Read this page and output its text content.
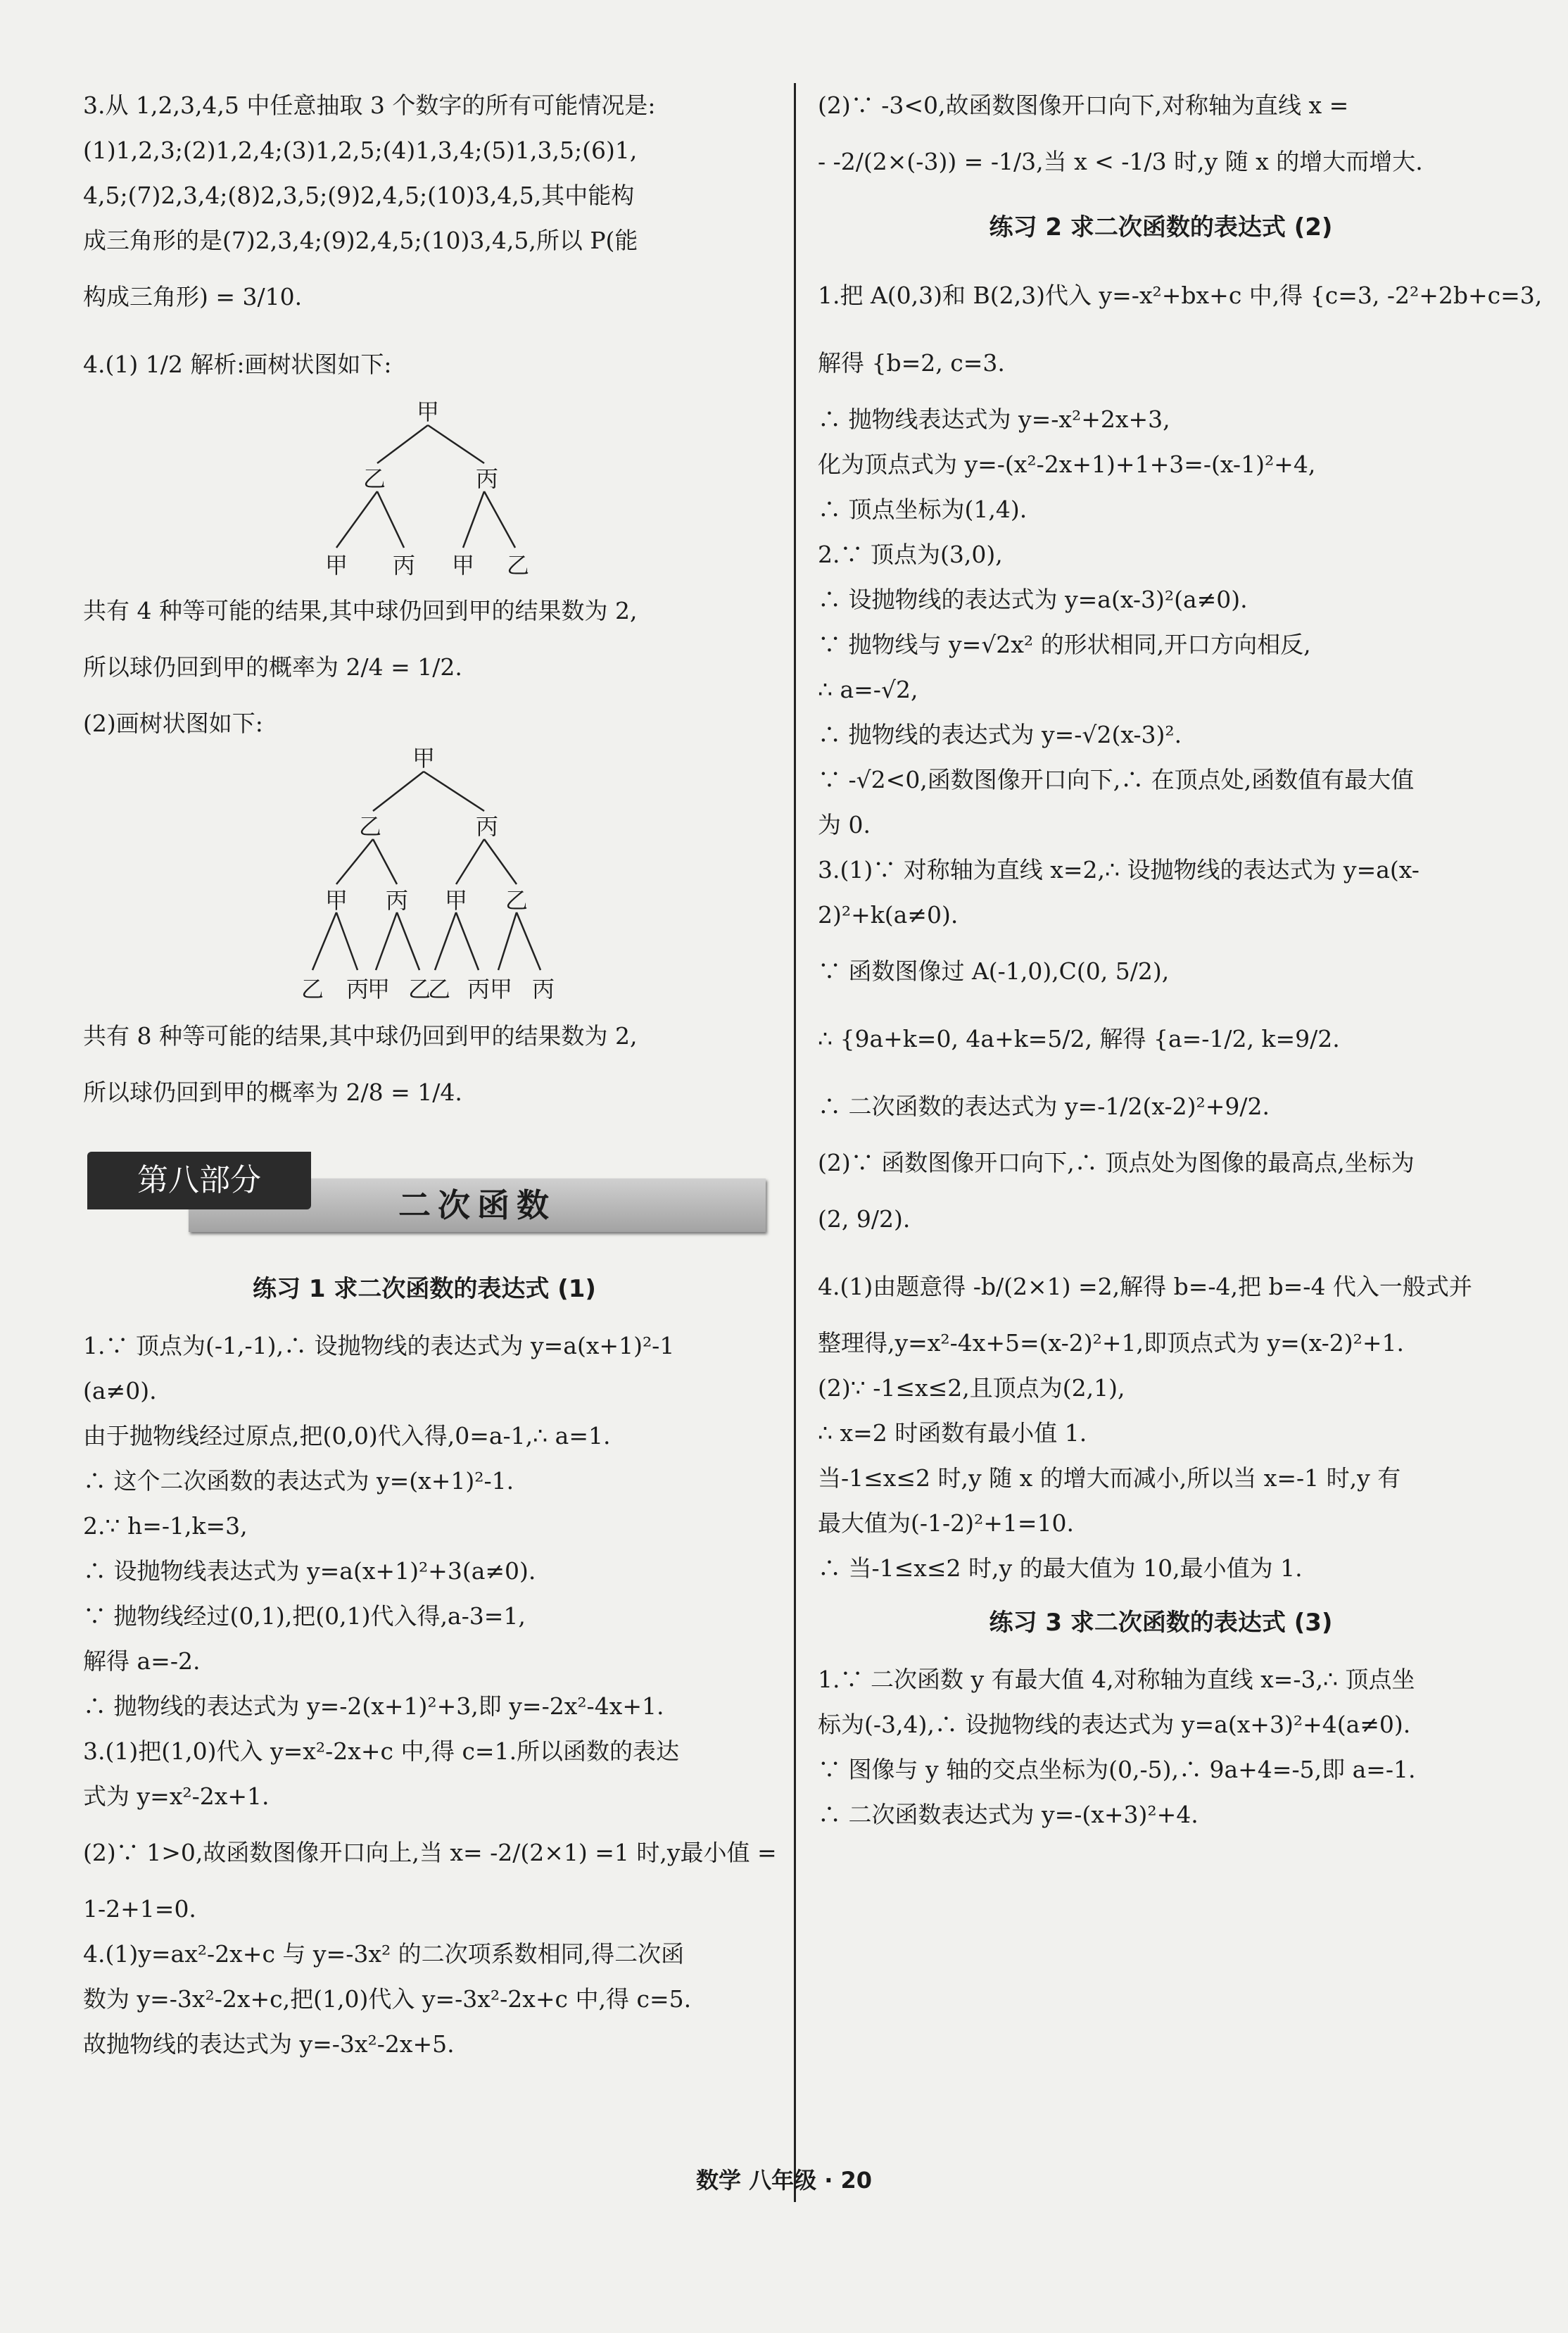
3.从 1,2,3,4,5 中任意抽取 3 个数字的所有可能情况是:
(1)1,2,3;(2)1,2,4;(3)1,2,5;(4)1,3,4;(5)1,3,5;(6)1,
4,5;(7)2,3,4;(8)2,3,5;(9)2,4,5;(10)3,4,5,其中能构
成三角形的是(7)2,3,4;(9)2,4,5;(10)3,4,5,所以 P(能
构成三角形) = 3/10.
4.(1) 1/2 解析:画树状图如下:
甲
乙	丙
甲 丙 甲 乙
共有 4 种等可能的结果,其中球仍回到甲的结果数为 2,
所以球仍回到甲的概率为 2/4 = 1/2.
(2)画树状图如下:
甲
乙	丙
甲 丙 甲 乙
乙 丙
甲 乙
乙 丙 甲 丙
共有 8 种等可能的结果,其中球仍回到甲的结果数为 2,
所以球仍回到甲的概率为 2/8 = 1/4.
第八部分
二次函数
练习 1 求二次函数的表达式 (1)
1.∵ 顶点为(-1,-1),∴ 设抛物线的表达式为 y=a(x+1)²-1
(a≠0).
由于抛物线经过原点,把(0,0)代入得,0=a-1,∴ a=1.
∴ 这个二次函数的表达式为 y=(x+1)²-1.
2.∵ h=-1,k=3,
∴ 设抛物线表达式为 y=a(x+1)²+3(a≠0).
∵ 抛物线经过(0,1),把(0,1)代入得,a-3=1,
解得 a=-2.
∴ 抛物线的表达式为 y=-2(x+1)²+3,即 y=-2x²-4x+1.
3.(1)把(1,0)代入 y=x²-2x+c 中,得 c=1.所以函数的表达
式为 y=x²-2x+1.
(2)∵ 1>0,故函数图像开口向上,当 x= -2/(2×1) =1 时,y最小值 =
1-2+1=0.
4.(1)y=ax²-2x+c 与 y=-3x² 的二次项系数相同,得二次函
数为 y=-3x²-2x+c,把(1,0)代入 y=-3x²-2x+c 中,得 c=5.
故抛物线的表达式为 y=-3x²-2x+5.
(2)∵ -3<0,故函数图像开口向下,对称轴为直线 x =
- -2/(2×(-3)) = -1/3,当 x < -1/3 时,y 随 x 的增大而增大.
练习 2 求二次函数的表达式 (2)
1.把 A(0,3)和 B(2,3)代入 y=-x²+bx+c 中,得 {c=3, -2²+2b+c=3,
解得 {b=2, c=3.
∴ 抛物线表达式为 y=-x²+2x+3,
化为顶点式为 y=-(x²-2x+1)+1+3=-(x-1)²+4,
∴ 顶点坐标为(1,4).
2.∵ 顶点为(3,0),
∴ 设抛物线的表达式为 y=a(x-3)²(a≠0).
∵ 抛物线与 y=√2x² 的形状相同,开口方向相反,
∴ a=-√2,
∴ 抛物线的表达式为 y=-√2(x-3)².
∵ -√2<0,函数图像开口向下,∴ 在顶点处,函数值有最大值
为 0.
3.(1)∵ 对称轴为直线 x=2,∴ 设抛物线的表达式为 y=a(x-
2)²+k(a≠0).
∵ 函数图像过 A(-1,0),C(0, 5/2),
∴ {9a+k=0, 4a+k=5/2, 解得 {a=-1/2, k=9/2.
∴ 二次函数的表达式为 y=-1/2(x-2)²+9/2.
(2)∵ 函数图像开口向下,∴ 顶点处为图像的最高点,坐标为
(2, 9/2).
4.(1)由题意得 -b/(2×1) =2,解得 b=-4,把 b=-4 代入一般式并
整理得,y=x²-4x+5=(x-2)²+1,即顶点式为 y=(x-2)²+1.
(2)∵ -1≤x≤2,且顶点为(2,1),
∴ x=2 时函数有最小值 1.
当-1≤x≤2 时,y 随 x 的增大而减小,所以当 x=-1 时,y 有
最大值为(-1-2)²+1=10.
∴ 当-1≤x≤2 时,y 的最大值为 10,最小值为 1.
练习 3 求二次函数的表达式 (3)
1.∵ 二次函数 y 有最大值 4,对称轴为直线 x=-3,∴ 顶点坐
标为(-3,4),∴ 设抛物线的表达式为 y=a(x+3)²+4(a≠0).
∵ 图像与 y 轴的交点坐标为(0,-5),∴ 9a+4=-5,即 a=-1.
∴ 二次函数表达式为 y=-(x+3)²+4.
数学 八年级 · 20
